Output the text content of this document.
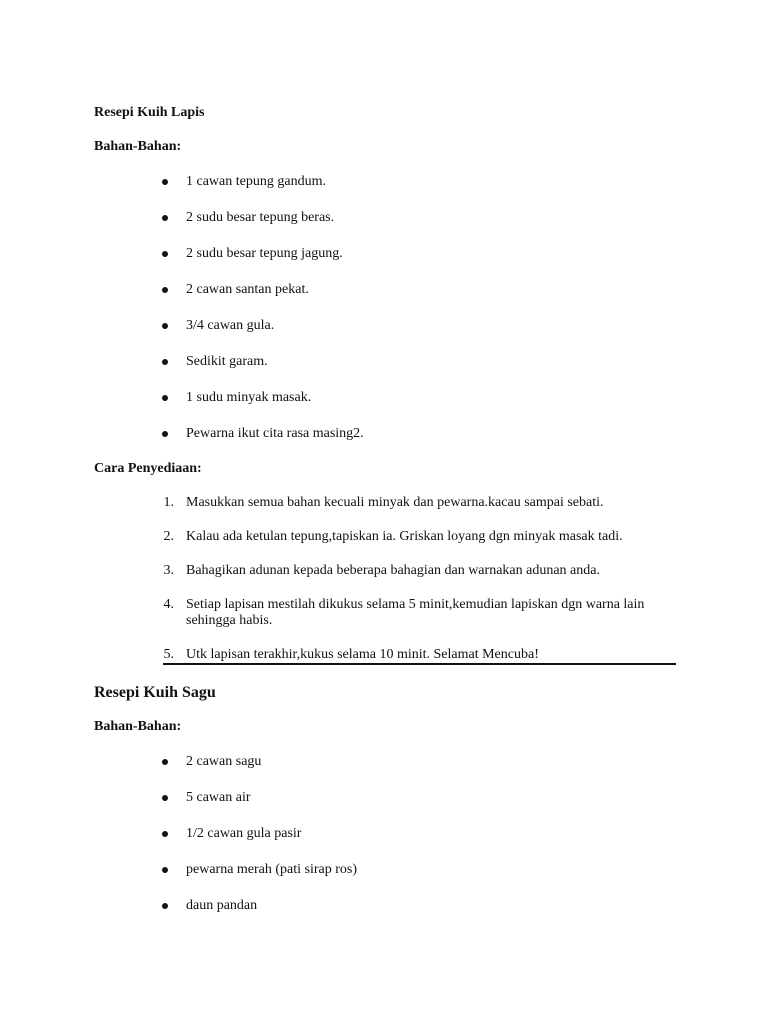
Resepi Kuih Lapis
Bahan-Bahan:
1 cawan tepung gandum.
2 sudu besar tepung beras.
2 sudu besar tepung jagung.
2 cawan santan pekat.
3/4 cawan gula.
Sedikit garam.
1 sudu minyak masak.
Pewarna ikut cita rasa masing2.
Cara Penyediaan:
1. Masukkan semua bahan kecuali minyak dan pewarna.kacau sampai sebati.
2. Kalau ada ketulan tepung,tapiskan ia. Griskan loyang dgn minyak masak tadi.
3. Bahagikan adunan kepada beberapa bahagian dan warnakan adunan anda.
4. Setiap lapisan mestilah dikukus selama 5 minit,kemudian lapiskan dgn warna lain sehingga habis.
5. Utk lapisan terakhir,kukus selama 10 minit. Selamat Mencuba!
Resepi Kuih Sagu
Bahan-Bahan:
2 cawan sagu
5 cawan air
1/2 cawan gula pasir
pewarna merah (pati sirap ros)
daun pandan
